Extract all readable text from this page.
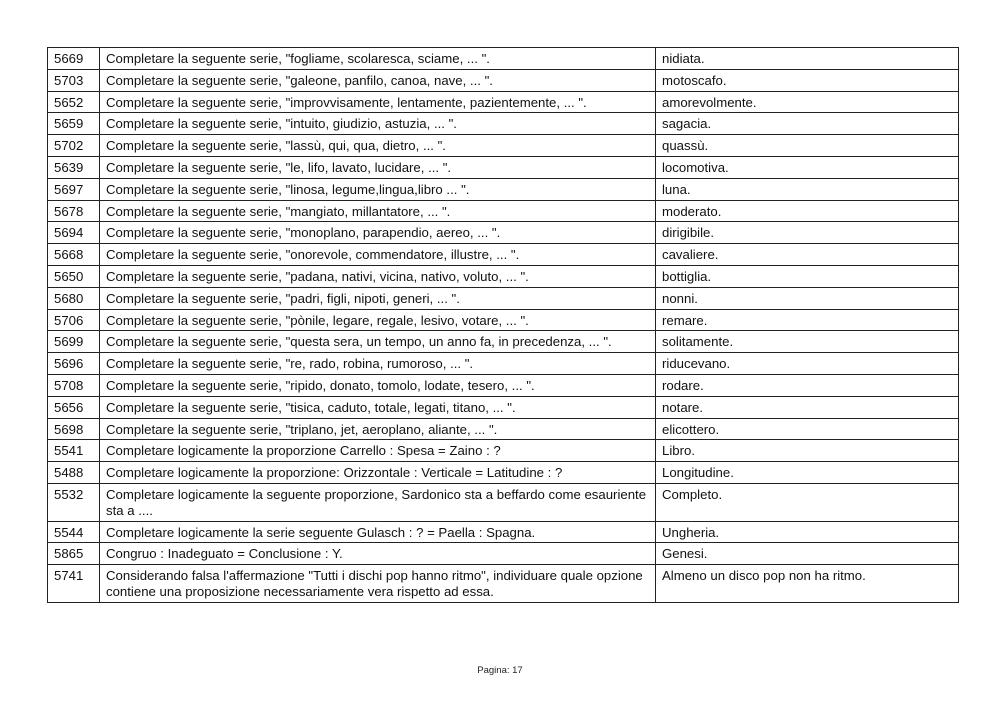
5669	Completare la seguente serie, "fogliame, scolaresca, sciame, ... ".	nidiata.
5703	Completare la seguente serie, "galeone, panfilo, canoa, nave, ... ".	motoscafo.
5652	Completare la seguente serie, "improvvisamente, lentamente, pazientemente, ... ".	amorevolmente.
5659	Completare la seguente serie, "intuito, giudizio, astuzia, ... ".	sagacia.
5702	Completare la seguente serie, "lassù, qui, qua, dietro, ... ".	quassù.
5639	Completare la seguente serie, "le, lifo, lavato, lucidare, ... ".	locomotiva.
5697	Completare la seguente serie, "linosa, legume,lingua,libro ... ".	luna.
5678	Completare la seguente serie, "mangiato, millantatore, ... ".	moderato.
5694	Completare la seguente serie, "monoplano, parapendio, aereo, ... ".	dirigibile.
5668	Completare la seguente serie, "onorevole, commendatore, illustre, ... ".	cavaliere.
5650	Completare la seguente serie, "padana, nativi, vicina, nativo, voluto, ... ".	bottiglia.
5680	Completare la seguente serie, "padri, figli, nipoti, generi, ... ".	nonni.
5706	Completare la seguente serie, "pònile, legare, regale, lesivo, votare, ... ".	remare.
5699	Completare la seguente serie, "questa sera, un tempo, un anno fa, in precedenza, ... ".	solitamente.
5696	Completare la seguente serie, "re, rado, robina, rumoroso, ... ".	riducevano.
5708	Completare la seguente serie, "ripido, donato, tomolo, lodate, tesero, ... ".	rodare.
5656	Completare la seguente serie, "tisica, caduto, totale, legati, titano, ... ".	notare.
5698	Completare la seguente serie, "triplano, jet, aeroplano, aliante, ... ".	elicottero.
5541	Completare logicamente la proporzione Carrello : Spesa = Zaino : ?	Libro.
5488	Completare logicamente la proporzione: Orizzontale : Verticale = Latitudine : ?	Longitudine.
5532	Completare logicamente la seguente proporzione, Sardonico sta a beffardo come esauriente sta a ....	Completo.
5544	Completare logicamente la serie seguente Gulasch : ? = Paella : Spagna.	Ungheria.
5865	Congruo : Inadeguato = Conclusione : Y.	Genesi.
5741	Considerando falsa l'affermazione "Tutti i dischi pop hanno ritmo", individuare quale opzione contiene una proposizione necessariamente vera rispetto ad essa.	Almeno un disco pop non ha ritmo.
Pagina: 17
